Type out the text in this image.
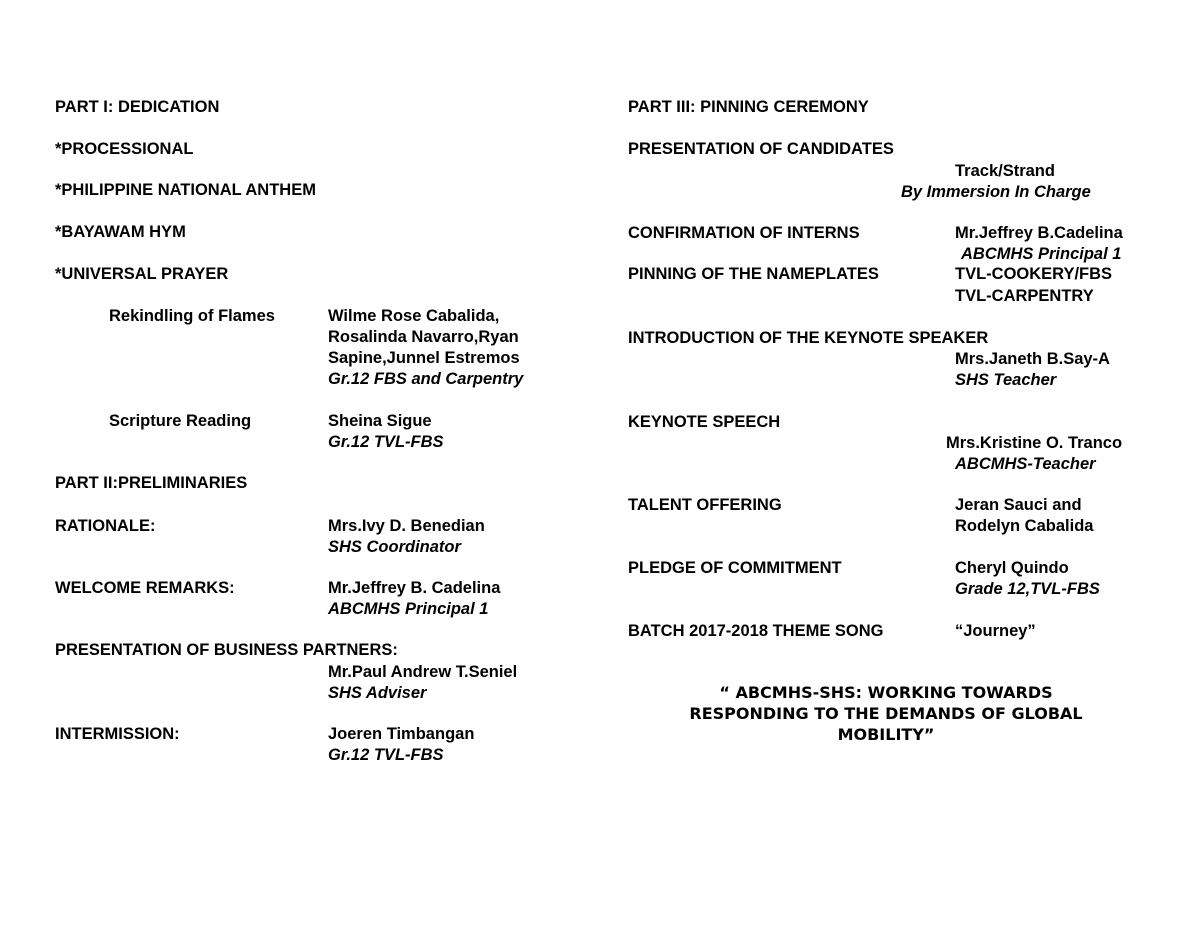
PART I: DEDICATION
*PROCESSIONAL
*PHILIPPINE NATIONAL ANTHEM
*BAYAWAM HYM
*UNIVERSAL PRAYER
Rekindling of Flames	Wilme Rose Cabalida,
Rosalinda Navarro,Ryan
Sapine,Junnel Estremos
Gr.12 FBS and Carpentry
Scripture Reading	Sheina Sigue
Gr.12 TVL-FBS
PART II:PRELIMINARIES
RATIONALE:	Mrs.Ivy D. Benedian
SHS Coordinator
WELCOME REMARKS:	Mr.Jeffrey B. Cadelina
ABCMHS Principal 1
PRESENTATION OF BUSINESS PARTNERS:
Mr.Paul Andrew T.Seniel
SHS Adviser
INTERMISSION:	Joeren Timbangan
Gr.12 TVL-FBS
PART III: PINNING CEREMONY
PRESENTATION OF CANDIDATES
Track/Strand
By Immersion In Charge
CONFIRMATION OF INTERNS	Mr.Jeffrey B.Cadelina
ABCMHS Principal 1
PINNING OF THE NAMEPLATES	TVL-COOKERY/FBS
TVL-CARPENTRY
INTRODUCTION OF THE KEYNOTE SPEAKER
Mrs.Janeth B.Say-A
SHS Teacher
KEYNOTE SPEECH
Mrs.Kristine O. Tranco
ABCMHS-Teacher
TALENT OFFERING	Jeran Sauci and
Rodelyn Cabalida
PLEDGE OF COMMITMENT	Cheryl Quindo
Grade 12,TVL-FBS
BATCH 2017-2018 THEME SONG	“Journey”
“ ABCMHS-SHS: WORKING TOWARDS
RESPONDING TO THE DEMANDS OF GLOBAL
MOBILITY”
